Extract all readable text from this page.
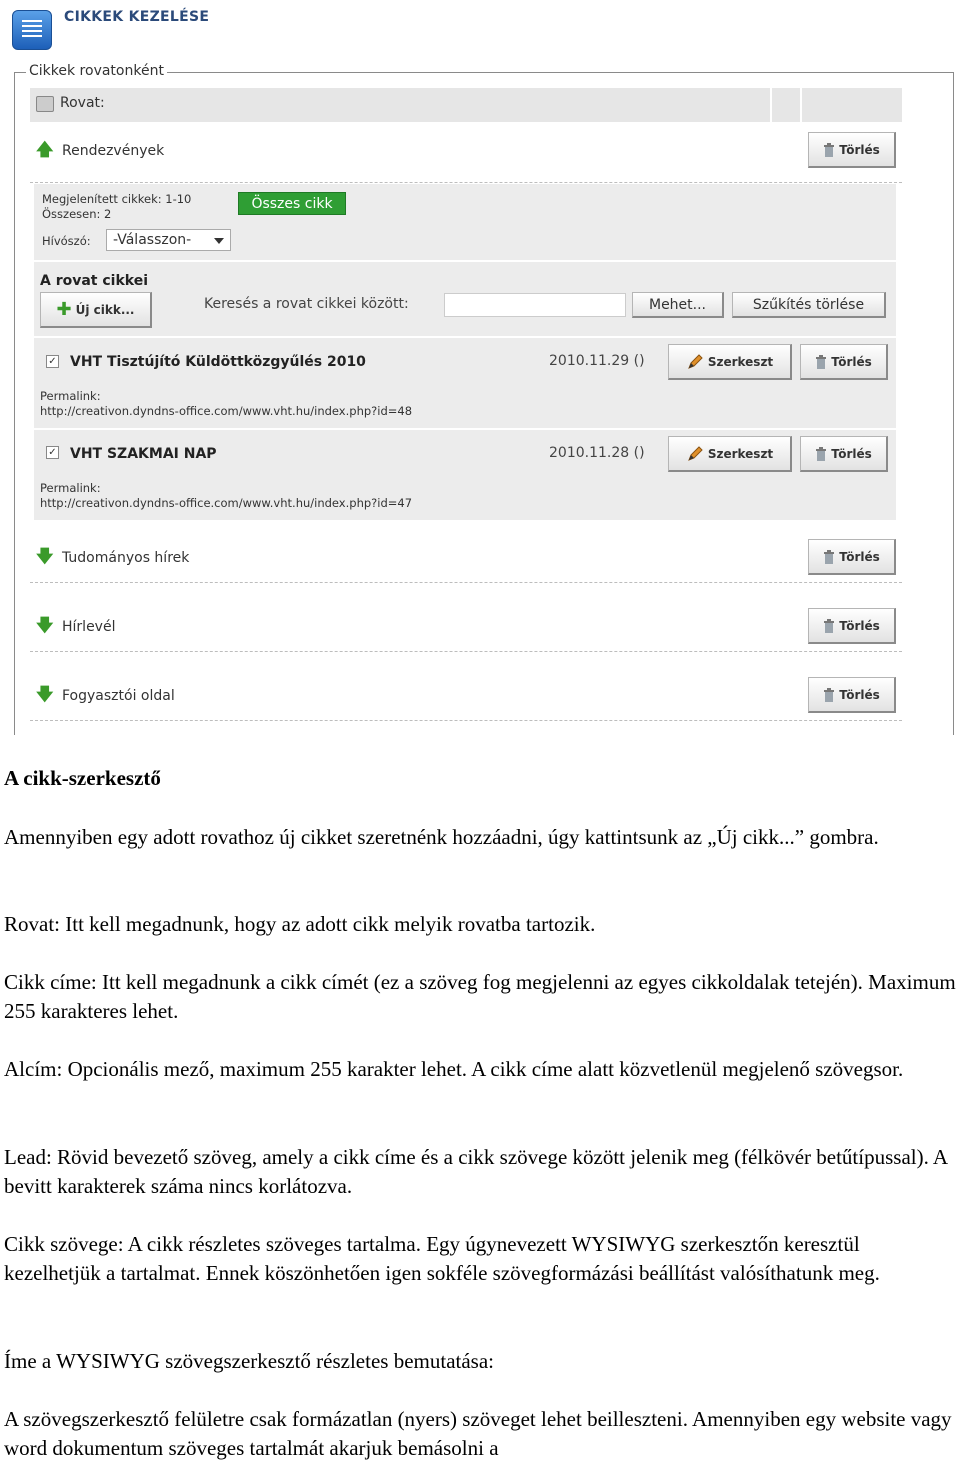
CIKKEK KEZELÉSE
Cikkek rovatonként
Rovat:
🡅 Rendezvények	Törlés
Megjelenített cikkek: 1-10
Összesen: 2
Összes cikk
Hívószó:	-Válasszon-
A rovat cikkei
✚ Új cikk...	Keresés a rovat cikkei között:	Mehet...	Szűkítés törlése
✓ VHT Tisztújító Küldöttközgyűlés 2010	2010.11.29 ()	Szerkeszt	Törlés
Permalink:
http://creativon.dyndns-office.com/www.vht.hu/index.php?id=48
✓ VHT SZAKMAI NAP	2010.11.28 ()	Szerkeszt	Törlés
Permalink:
http://creativon.dyndns-office.com/www.vht.hu/index.php?id=47
🡇 Tudományos hírek	Törlés
🡇 Hírlevél	Törlés
🡇 Fogyasztói oldal	Törlés
A cikk-szerkesztő
Amennyiben egy adott rovathoz új cikket szeretnénk hozzáadni, úgy kattintsunk az „Új cikk...” gombra.
Rovat: Itt kell megadnunk, hogy az adott cikk melyik rovatba tartozik.
Cikk címe: Itt kell megadnunk a cikk címét (ez a szöveg fog megjelenni az egyes cikkoldalak tetején). Maximum 255 karakteres lehet.
Alcím: Opcionális mező, maximum 255 karakter lehet. A cikk címe alatt közvetlenül megjelenő szövegsor.
Lead: Rövid bevezető szöveg, amely a cikk címe és a cikk szövege között jelenik meg (félkövér betűtípussal). A bevitt karakterek száma nincs korlátozva.
Cikk szövege: A cikk részletes szöveges tartalma. Egy úgynevezett WYSIWYG szerkesztőn keresztül kezelhetjük a tartalmat. Ennek köszönhetően igen sokféle szövegformázási beállítást valósíthatunk meg.
Íme a WYSIWYG szövegszerkesztő részletes bemutatása:
A szövegszerkesztő felületre csak formázatlan (nyers) szöveget lehet beilleszteni. Amennyiben egy website vagy word dokumentum szöveges tartalmát akarjuk bemásolni a
